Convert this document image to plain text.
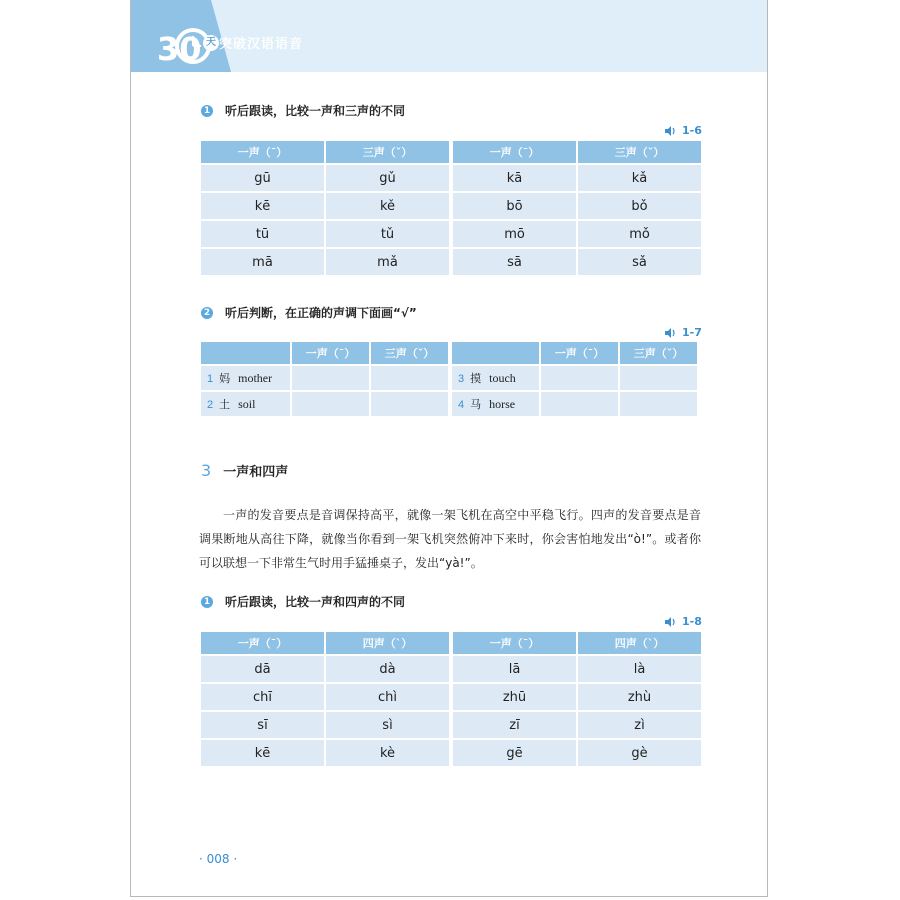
30 天 突破汉语语音
1 听后跟读，比较一声和三声的不同
1-6
一声（ˉ）	三声（ˇ）		一声（ˉ）	三声（ˇ）
gū	gǔ		kā	kǎ
kē	kě		bō	bǒ
tū	tǔ		mō	mǒ
mā	mǎ		sā	sǎ
2 听后判断，在正确的声调下面画“√”
1-7
	一声（ˉ）	三声（ˇ）			一声（ˉ）	三声（ˇ）
1 妈 mother				3 摸 touch		
2 土 soil				4 马 horse		
3 一声和四声
一声的发音要点是音调保持高平，就像一架飞机在高空中平稳飞行。四声的发音要点是音调果断地从高往下降，就像当你看到一架飞机突然俯冲下来时，你会害怕地发出“ò!”。或者你可以联想一下非常生气时用手猛捶桌子，发出“yà!”。
1 听后跟读，比较一声和四声的不同
1-8
一声（ˉ）	四声（ˋ）		一声（ˉ）	四声（ˋ）
dā	dà		lā	là
chī	chì		zhū	zhù
sī	sì		zī	zì
kē	kè		gē	gè
· 008 ·
